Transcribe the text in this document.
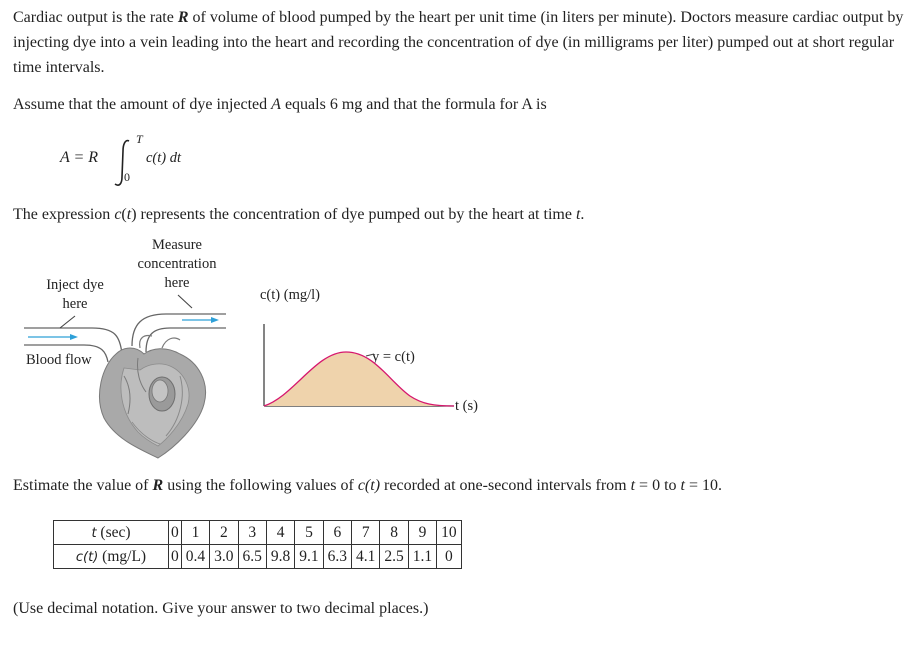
Cardiac output is the rate R of volume of blood pumped by the heart per unit time (in liters per minute). Doctors measure cardiac output by injecting dye into a vein leading into the heart and recording the concentration of dye (in milligrams per liter) pumped out at short regular time intervals.

Assume that the amount of dye injected A equals 6 mg and that the formula for A is

A = R
T
0
c(t) dt

The expression c(t) represents the concentration of dye pumped out by the heart at time t.

Measure
concentration
here
Inject dye
here
Blood flow
c(t) (mg/l)
y = c(t)
t (s)

Estimate the value of R using the following values of c(t) recorded at one-second intervals from t = 0 to t = 10.

t (sec)	0	1	2	3	4	5	6	7	8	9	10
c(t) (mg/L)	0	0.4	3.0	6.5	9.8	9.1	6.3	4.1	2.5	1.1	0

(Use decimal notation. Give your answer to two decimal places.)
